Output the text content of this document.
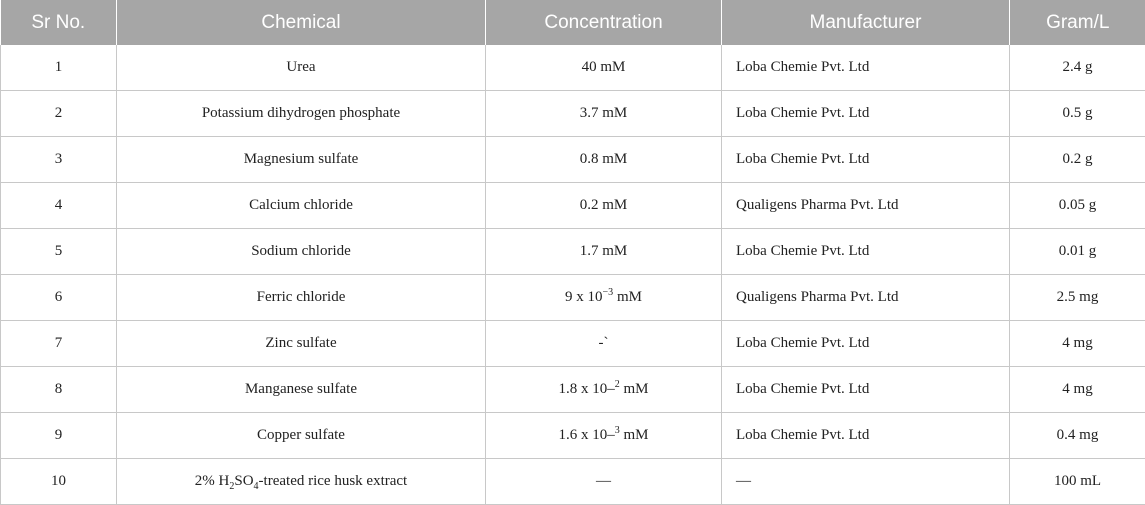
Sr No.	Chemical	Concentration	Manufacturer	Gram/L
1	Urea	40 mM	Loba Chemie Pvt. Ltd	2.4 g
2	Potassium dihydrogen phosphate	3.7 mM	Loba Chemie Pvt. Ltd	0.5 g
3	Magnesium sulfate	0.8 mM	Loba Chemie Pvt. Ltd	0.2 g
4	Calcium chloride	0.2 mM	Qualigens Pharma Pvt. Ltd	0.05 g
5	Sodium chloride	1.7 mM	Loba Chemie Pvt. Ltd	0.01 g
6	Ferric chloride	9 x $10^{-3}$ mM	Qualigens Pharma Pvt. Ltd	2.5 mg
7	Zinc sulfate	-`	Loba Chemie Pvt. Ltd	4 mg
8	Manganese sulfate	1.8 x 10–$^2$ mM	Loba Chemie Pvt. Ltd	4 mg
9	Copper sulfate	1.6 x 10–$^3$ mM	Loba Chemie Pvt. Ltd	0.4 mg
10	2% $H_2SO_4$-treated rice husk extract	—	—	100 mL
